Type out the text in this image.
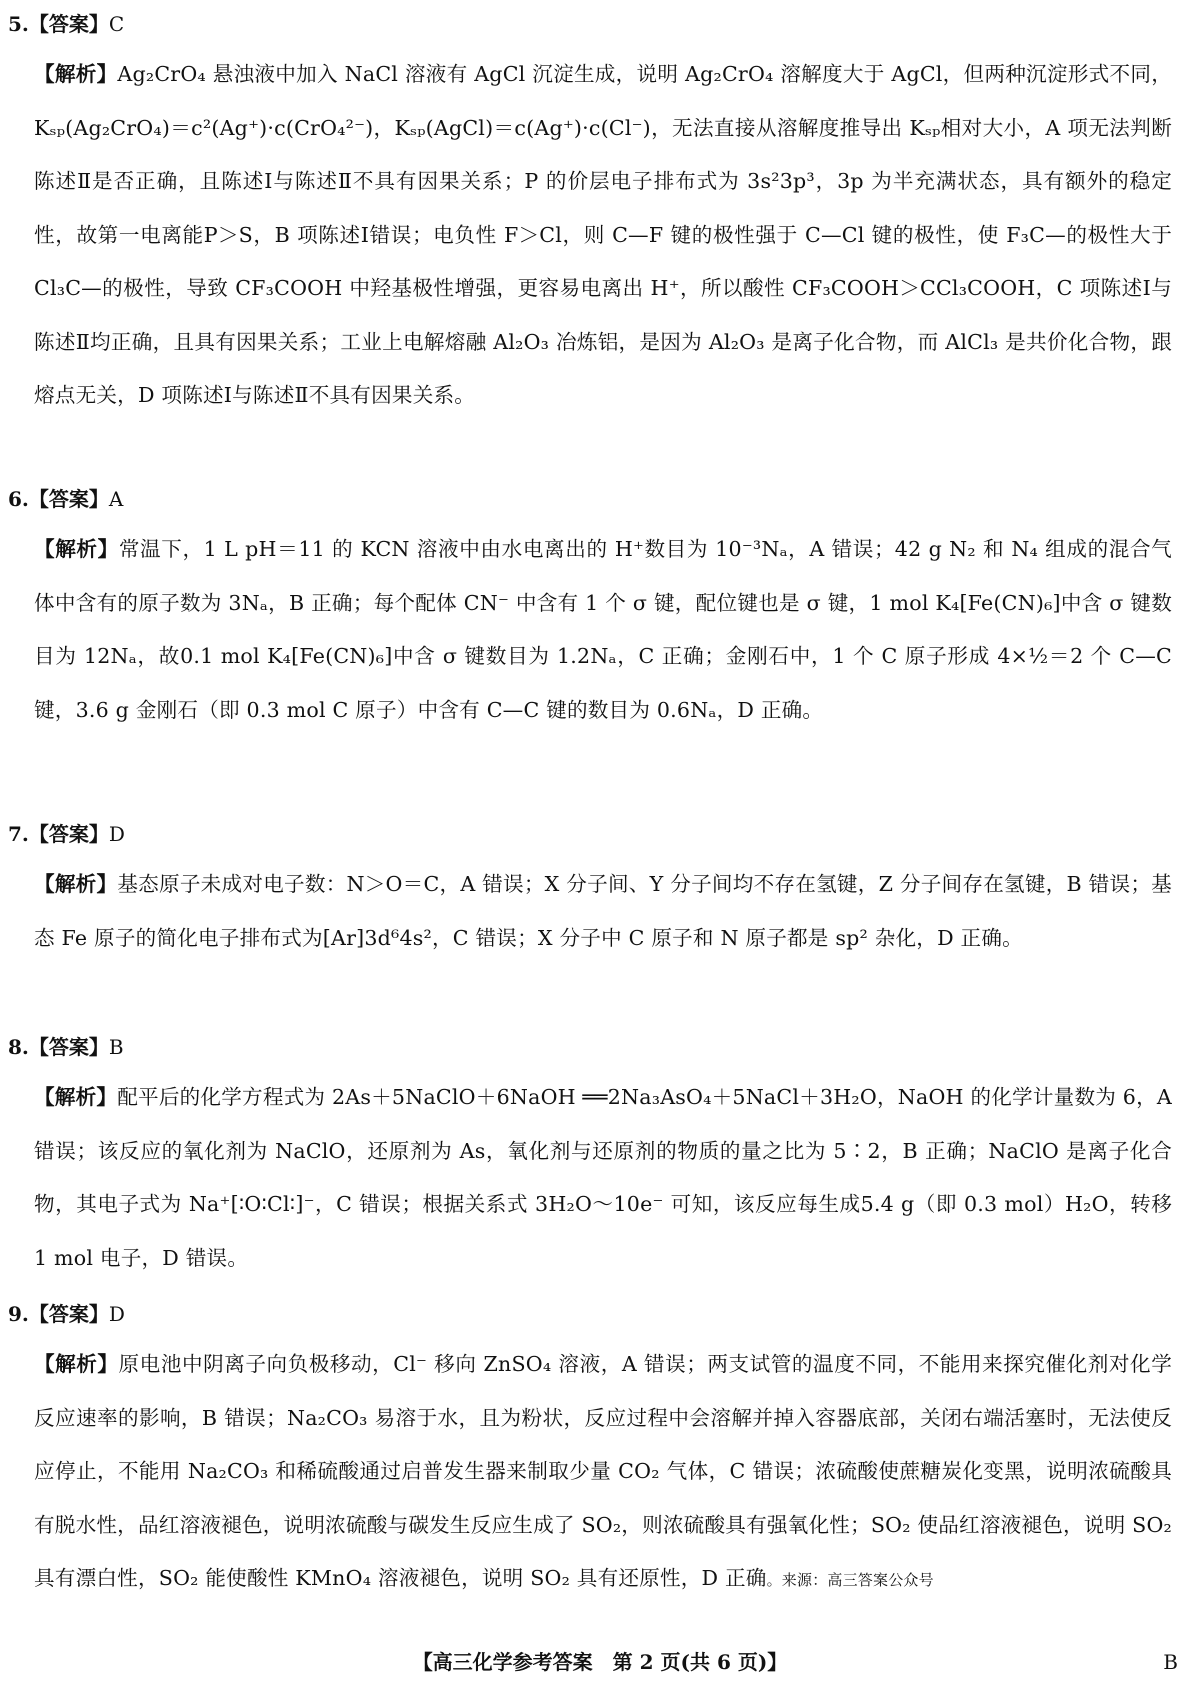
5.【答案】C
【解析】Ag₂CrO₄ 悬浊液中加入 NaCl 溶液有 AgCl 沉淀生成，说明 Ag₂CrO₄ 溶解度大于 AgCl，但两种沉淀形式不同，Kₛₚ(Ag₂CrO₄)＝c²(Ag⁺)·c(CrO₄²⁻)，Kₛₚ(AgCl)＝c(Ag⁺)·c(Cl⁻)，无法直接从溶解度推导出 Kₛₚ相对大小，A 项无法判断陈述Ⅱ是否正确，且陈述Ⅰ与陈述Ⅱ不具有因果关系；P 的价层电子排布式为 3s²3p³，3p 为半充满状态，具有额外的稳定性，故第一电离能P＞S，B 项陈述Ⅰ错误；电负性 F＞Cl，则 C—F 键的极性强于 C—Cl 键的极性，使 F₃C—的极性大于 Cl₃C—的极性，导致 CF₃COOH 中羟基极性增强，更容易电离出 H⁺，所以酸性 CF₃COOH＞CCl₃COOH，C 项陈述Ⅰ与陈述Ⅱ均正确，且具有因果关系；工业上电解熔融 Al₂O₃ 冶炼铝，是因为 Al₂O₃ 是离子化合物，而 AlCl₃ 是共价化合物，跟熔点无关，D 项陈述Ⅰ与陈述Ⅱ不具有因果关系。
6.【答案】A
【解析】常温下，1 L pH＝11 的 KCN 溶液中由水电离出的 H⁺数目为 10⁻³Nₐ，A 错误；42 g N₂ 和 N₄ 组成的混合气体中含有的原子数为 3Nₐ，B 正确；每个配体 CN⁻ 中含有 1 个 σ 键，配位键也是 σ 键，1 mol K₄[Fe(CN)₆]中含 σ 键数目为 12Nₐ，故0.1 mol K₄[Fe(CN)₆]中含 σ 键数目为 1.2Nₐ，C 正确；金刚石中，1 个 C 原子形成 4×½＝2 个 C—C 键，3.6 g 金刚石（即 0.3 mol C 原子）中含有 C—C 键的数目为 0.6Nₐ，D 正确。
7.【答案】D
【解析】基态原子未成对电子数：N＞O＝C，A 错误；X 分子间、Y 分子间均不存在氢键，Z 分子间存在氢键，B 错误；基态 Fe 原子的简化电子排布式为[Ar]3d⁶4s²，C 错误；X 分子中 C 原子和 N 原子都是 sp² 杂化，D 正确。
8.【答案】B
【解析】配平后的化学方程式为 2As＋5NaClO＋6NaOH ══2Na₃AsO₄＋5NaCl＋3H₂O，NaOH 的化学计量数为 6，A 错误；该反应的氧化剂为 NaClO，还原剂为 As，氧化剂与还原剂的物质的量之比为 5∶2，B 正确；NaClO 是离子化合物，其电子式为 Na⁺[∶O∶Cl∶]⁻，C 错误；根据关系式 3H₂O～10e⁻ 可知，该反应每生成5.4 g（即 0.3 mol）H₂O，转移 1 mol 电子，D 错误。
9.【答案】D
【解析】原电池中阴离子向负极移动，Cl⁻ 移向 ZnSO₄ 溶液，A 错误；两支试管的温度不同，不能用来探究催化剂对化学反应速率的影响，B 错误；Na₂CO₃ 易溶于水，且为粉状，反应过程中会溶解并掉入容器底部，关闭右端活塞时，无法使反应停止，不能用 Na₂CO₃ 和稀硫酸通过启普发生器来制取少量 CO₂ 气体，C 错误；浓硫酸使蔗糖炭化变黑，说明浓硫酸具有脱水性，品红溶液褪色，说明浓硫酸与碳发生反应生成了 SO₂，则浓硫酸具有强氧化性；SO₂ 使品红溶液褪色，说明 SO₂ 具有漂白性，SO₂ 能使酸性 KMnO₄ 溶液褪色，说明 SO₂ 具有还原性，D 正确。来源：高三答案公众号
【高三化学参考答案　第 2 页(共 6 页)】	B
